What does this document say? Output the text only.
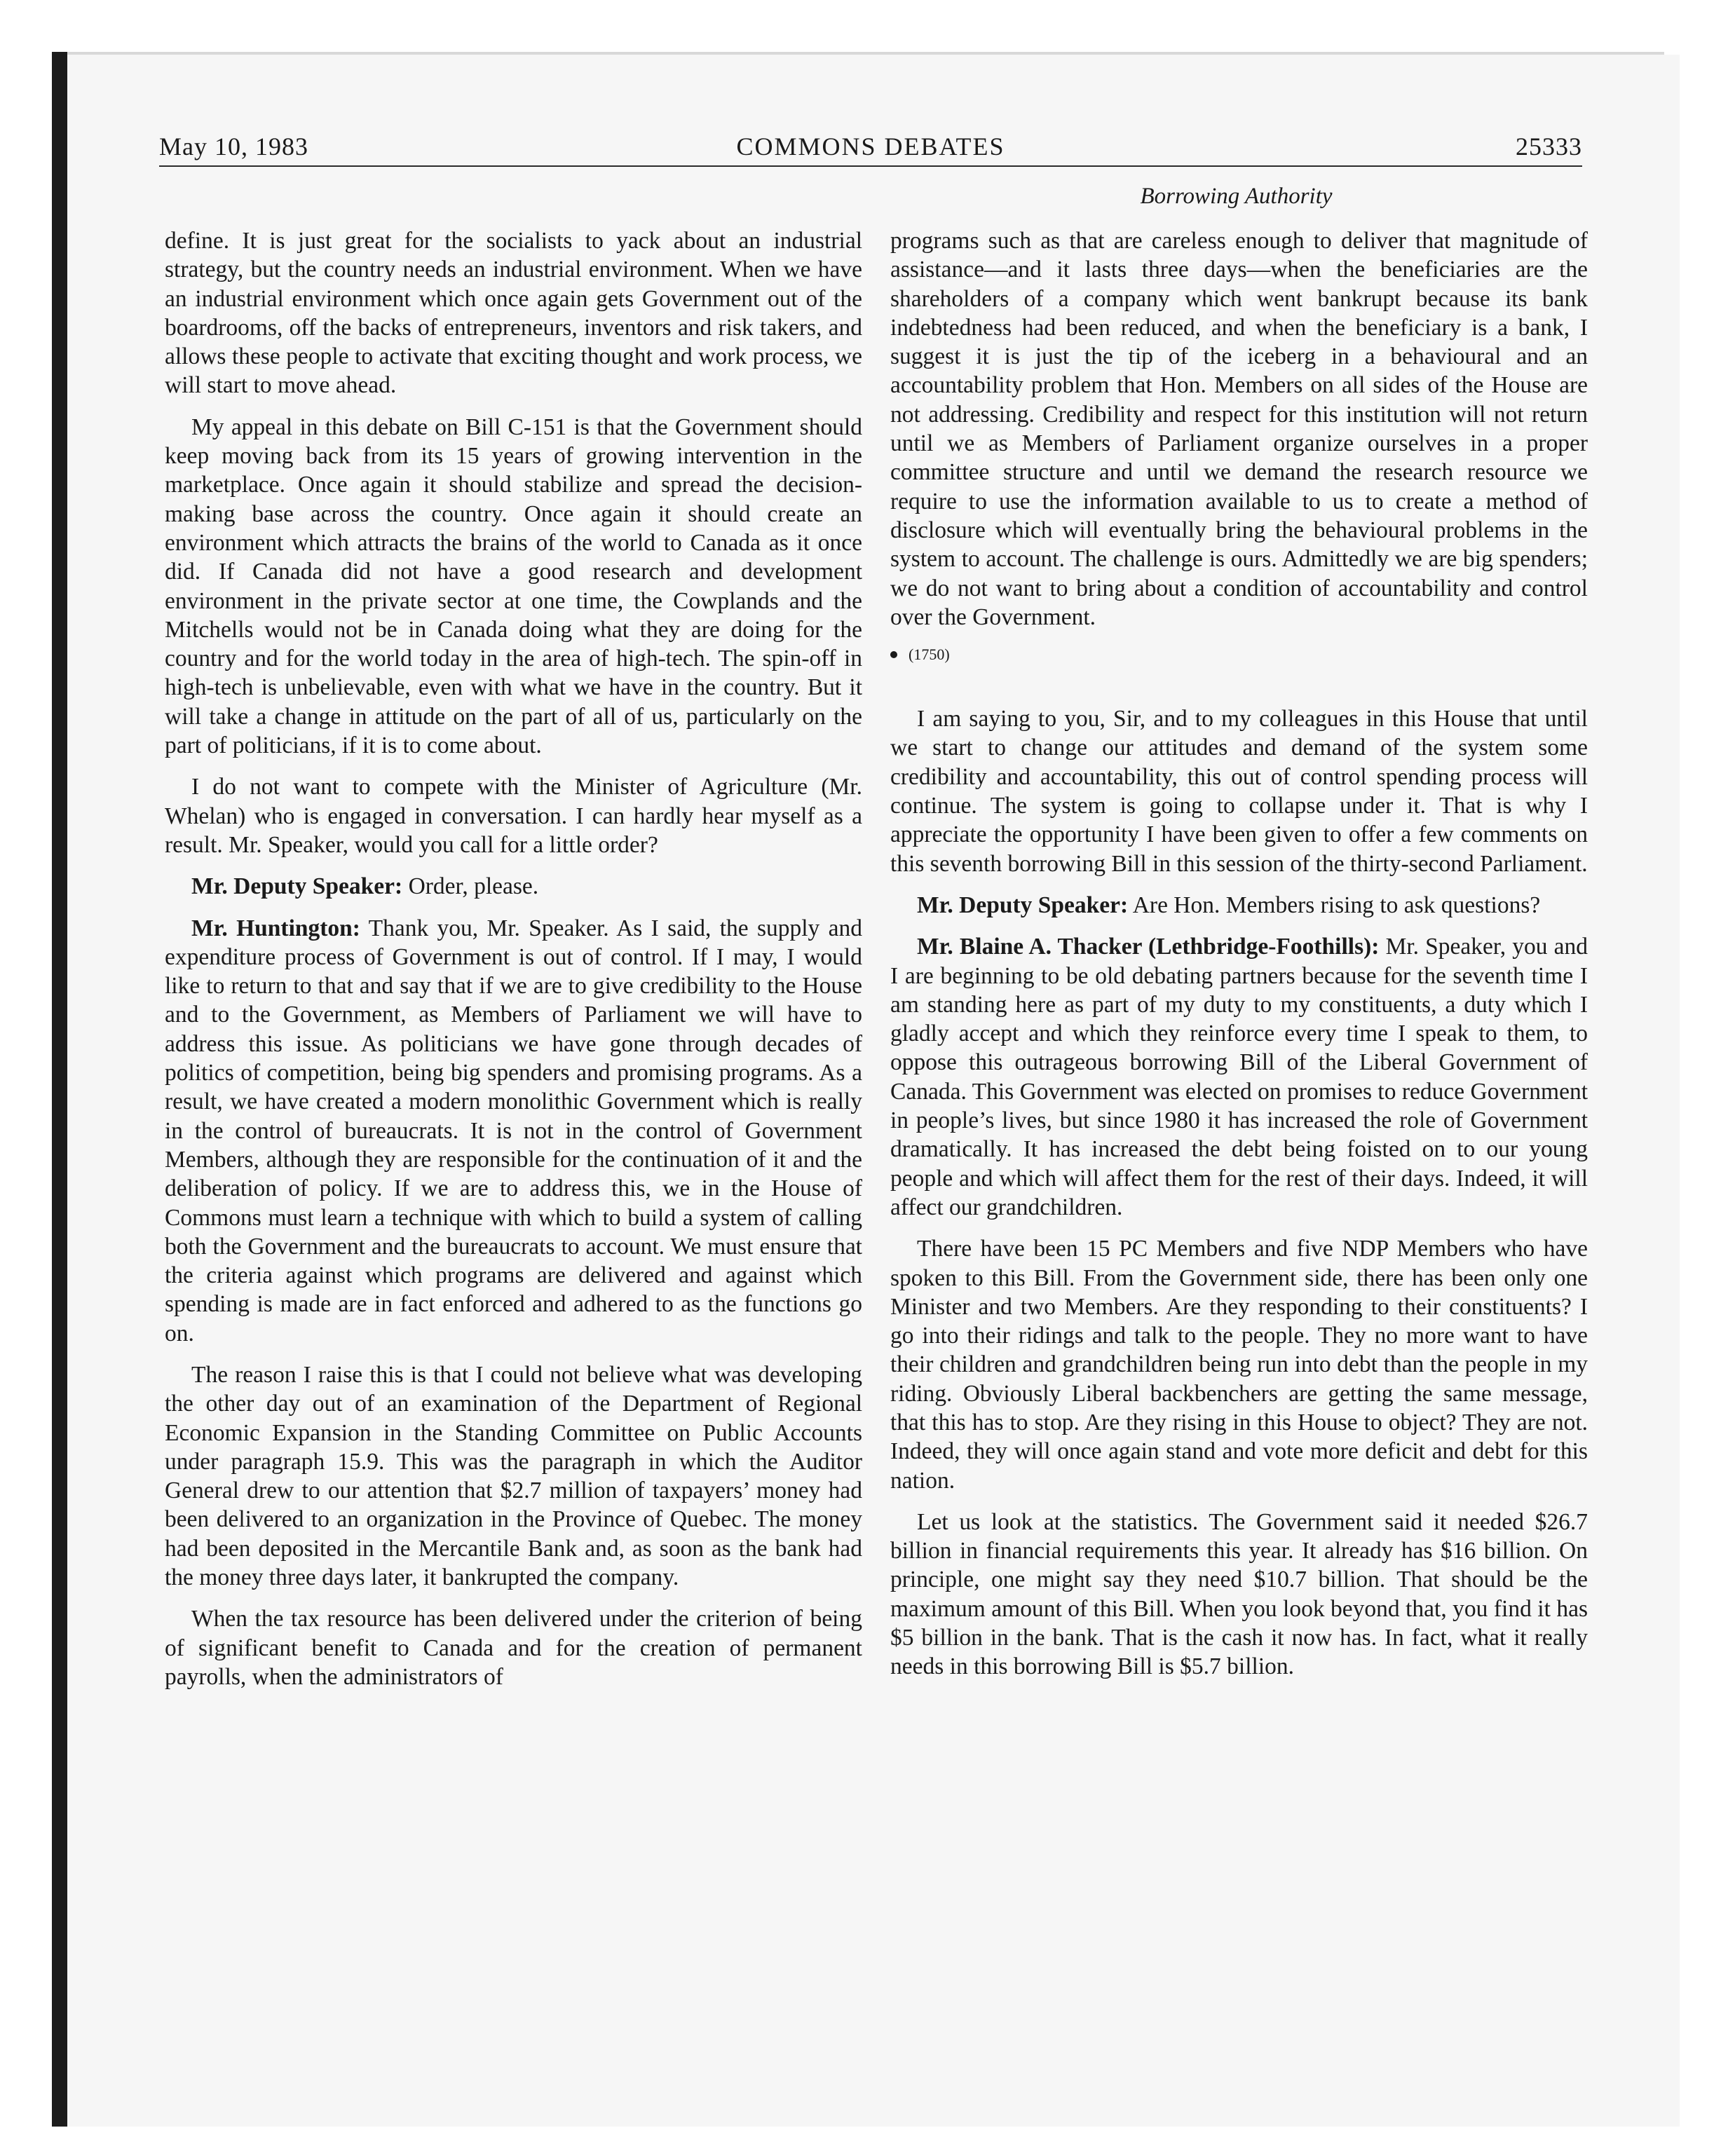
May 10, 1983	COMMONS DEBATES	25333
Borrowing Authority

define. It is just great for the socialists to yack about an industrial strategy, but the country needs an industrial environment. When we have an industrial environment which once again gets Government out of the boardrooms, off the backs of entrepreneurs, inventors and risk takers, and allows these people to activate that exciting thought and work process, we will start to move ahead.

My appeal in this debate on Bill C-151 is that the Government should keep moving back from its 15 years of growing intervention in the marketplace. Once again it should stabilize and spread the decision-making base across the country. Once again it should create an environment which attracts the brains of the world to Canada as it once did. If Canada did not have a good research and development environment in the private sector at one time, the Cowplands and the Mitchells would not be in Canada doing what they are doing for the country and for the world today in the area of high-tech. The spin-off in high-tech is unbelievable, even with what we have in the country. But it will take a change in attitude on the part of all of us, particularly on the part of politicians, if it is to come about.

I do not want to compete with the Minister of Agriculture (Mr. Whelan) who is engaged in conversation. I can hardly hear myself as a result. Mr. Speaker, would you call for a little order?

Mr. Deputy Speaker: Order, please.

Mr. Huntington: Thank you, Mr. Speaker. As I said, the supply and expenditure process of Government is out of control. If I may, I would like to return to that and say that if we are to give credibility to the House and to the Government, as Members of Parliament we will have to address this issue. As politicians we have gone through decades of politics of competition, being big spenders and promising programs. As a result, we have created a modern monolithic Government which is really in the control of bureaucrats. It is not in the control of Government Members, although they are responsible for the continuation of it and the deliberation of policy. If we are to address this, we in the House of Commons must learn a technique with which to build a system of calling both the Government and the bureaucrats to account. We must ensure that the criteria against which programs are delivered and against which spending is made are in fact enforced and adhered to as the functions go on.

The reason I raise this is that I could not believe what was developing the other day out of an examination of the Department of Regional Economic Expansion in the Standing Committee on Public Accounts under paragraph 15.9. This was the paragraph in which the Auditor General drew to our attention that $2.7 million of taxpayers’ money had been delivered to an organization in the Province of Quebec. The money had been deposited in the Mercantile Bank and, as soon as the bank had the money three days later, it bankrupted the company.

When the tax resource has been delivered under the criterion of being of significant benefit to Canada and for the creation of permanent payrolls, when the administrators of

programs such as that are careless enough to deliver that magnitude of assistance—and it lasts three days—when the beneficiaries are the shareholders of a company which went bankrupt because its bank indebtedness had been reduced, and when the beneficiary is a bank, I suggest it is just the tip of the iceberg in a behavioural and an accountability problem that Hon. Members on all sides of the House are not addressing. Credibility and respect for this institution will not return until we as Members of Parliament organize ourselves in a proper committee structure and until we demand the research resource we require to use the information available to us to create a method of disclosure which will eventually bring the behavioural problems in the system to account. The challenge is ours. Admittedly we are big spenders; we do not want to bring about a condition of accountability and control over the Government.

(1750)

I am saying to you, Sir, and to my colleagues in this House that until we start to change our attitudes and demand of the system some credibility and accountability, this out of control spending process will continue. The system is going to collapse under it. That is why I appreciate the opportunity I have been given to offer a few comments on this seventh borrowing Bill in this session of the thirty-second Parliament.

Mr. Deputy Speaker: Are Hon. Members rising to ask questions?

Mr. Blaine A. Thacker (Lethbridge-Foothills): Mr. Speaker, you and I are beginning to be old debating partners because for the seventh time I am standing here as part of my duty to my constituents, a duty which I gladly accept and which they reinforce every time I speak to them, to oppose this outrageous borrowing Bill of the Liberal Government of Canada. This Government was elected on promises to reduce Government in people’s lives, but since 1980 it has increased the role of Government dramatically. It has increased the debt being foisted on to our young people and which will affect them for the rest of their days. Indeed, it will affect our grandchildren.

There have been 15 PC Members and five NDP Members who have spoken to this Bill. From the Government side, there has been only one Minister and two Members. Are they responding to their constituents? I go into their ridings and talk to the people. They no more want to have their children and grandchildren being run into debt than the people in my riding. Obviously Liberal backbenchers are getting the same message, that this has to stop. Are they rising in this House to object? They are not. Indeed, they will once again stand and vote more deficit and debt for this nation.

Let us look at the statistics. The Government said it needed $26.7 billion in financial requirements this year. It already has $16 billion. On principle, one might say they need $10.7 billion. That should be the maximum amount of this Bill. When you look beyond that, you find it has $5 billion in the bank. That is the cash it now has. In fact, what it really needs in this borrowing Bill is $5.7 billion.
